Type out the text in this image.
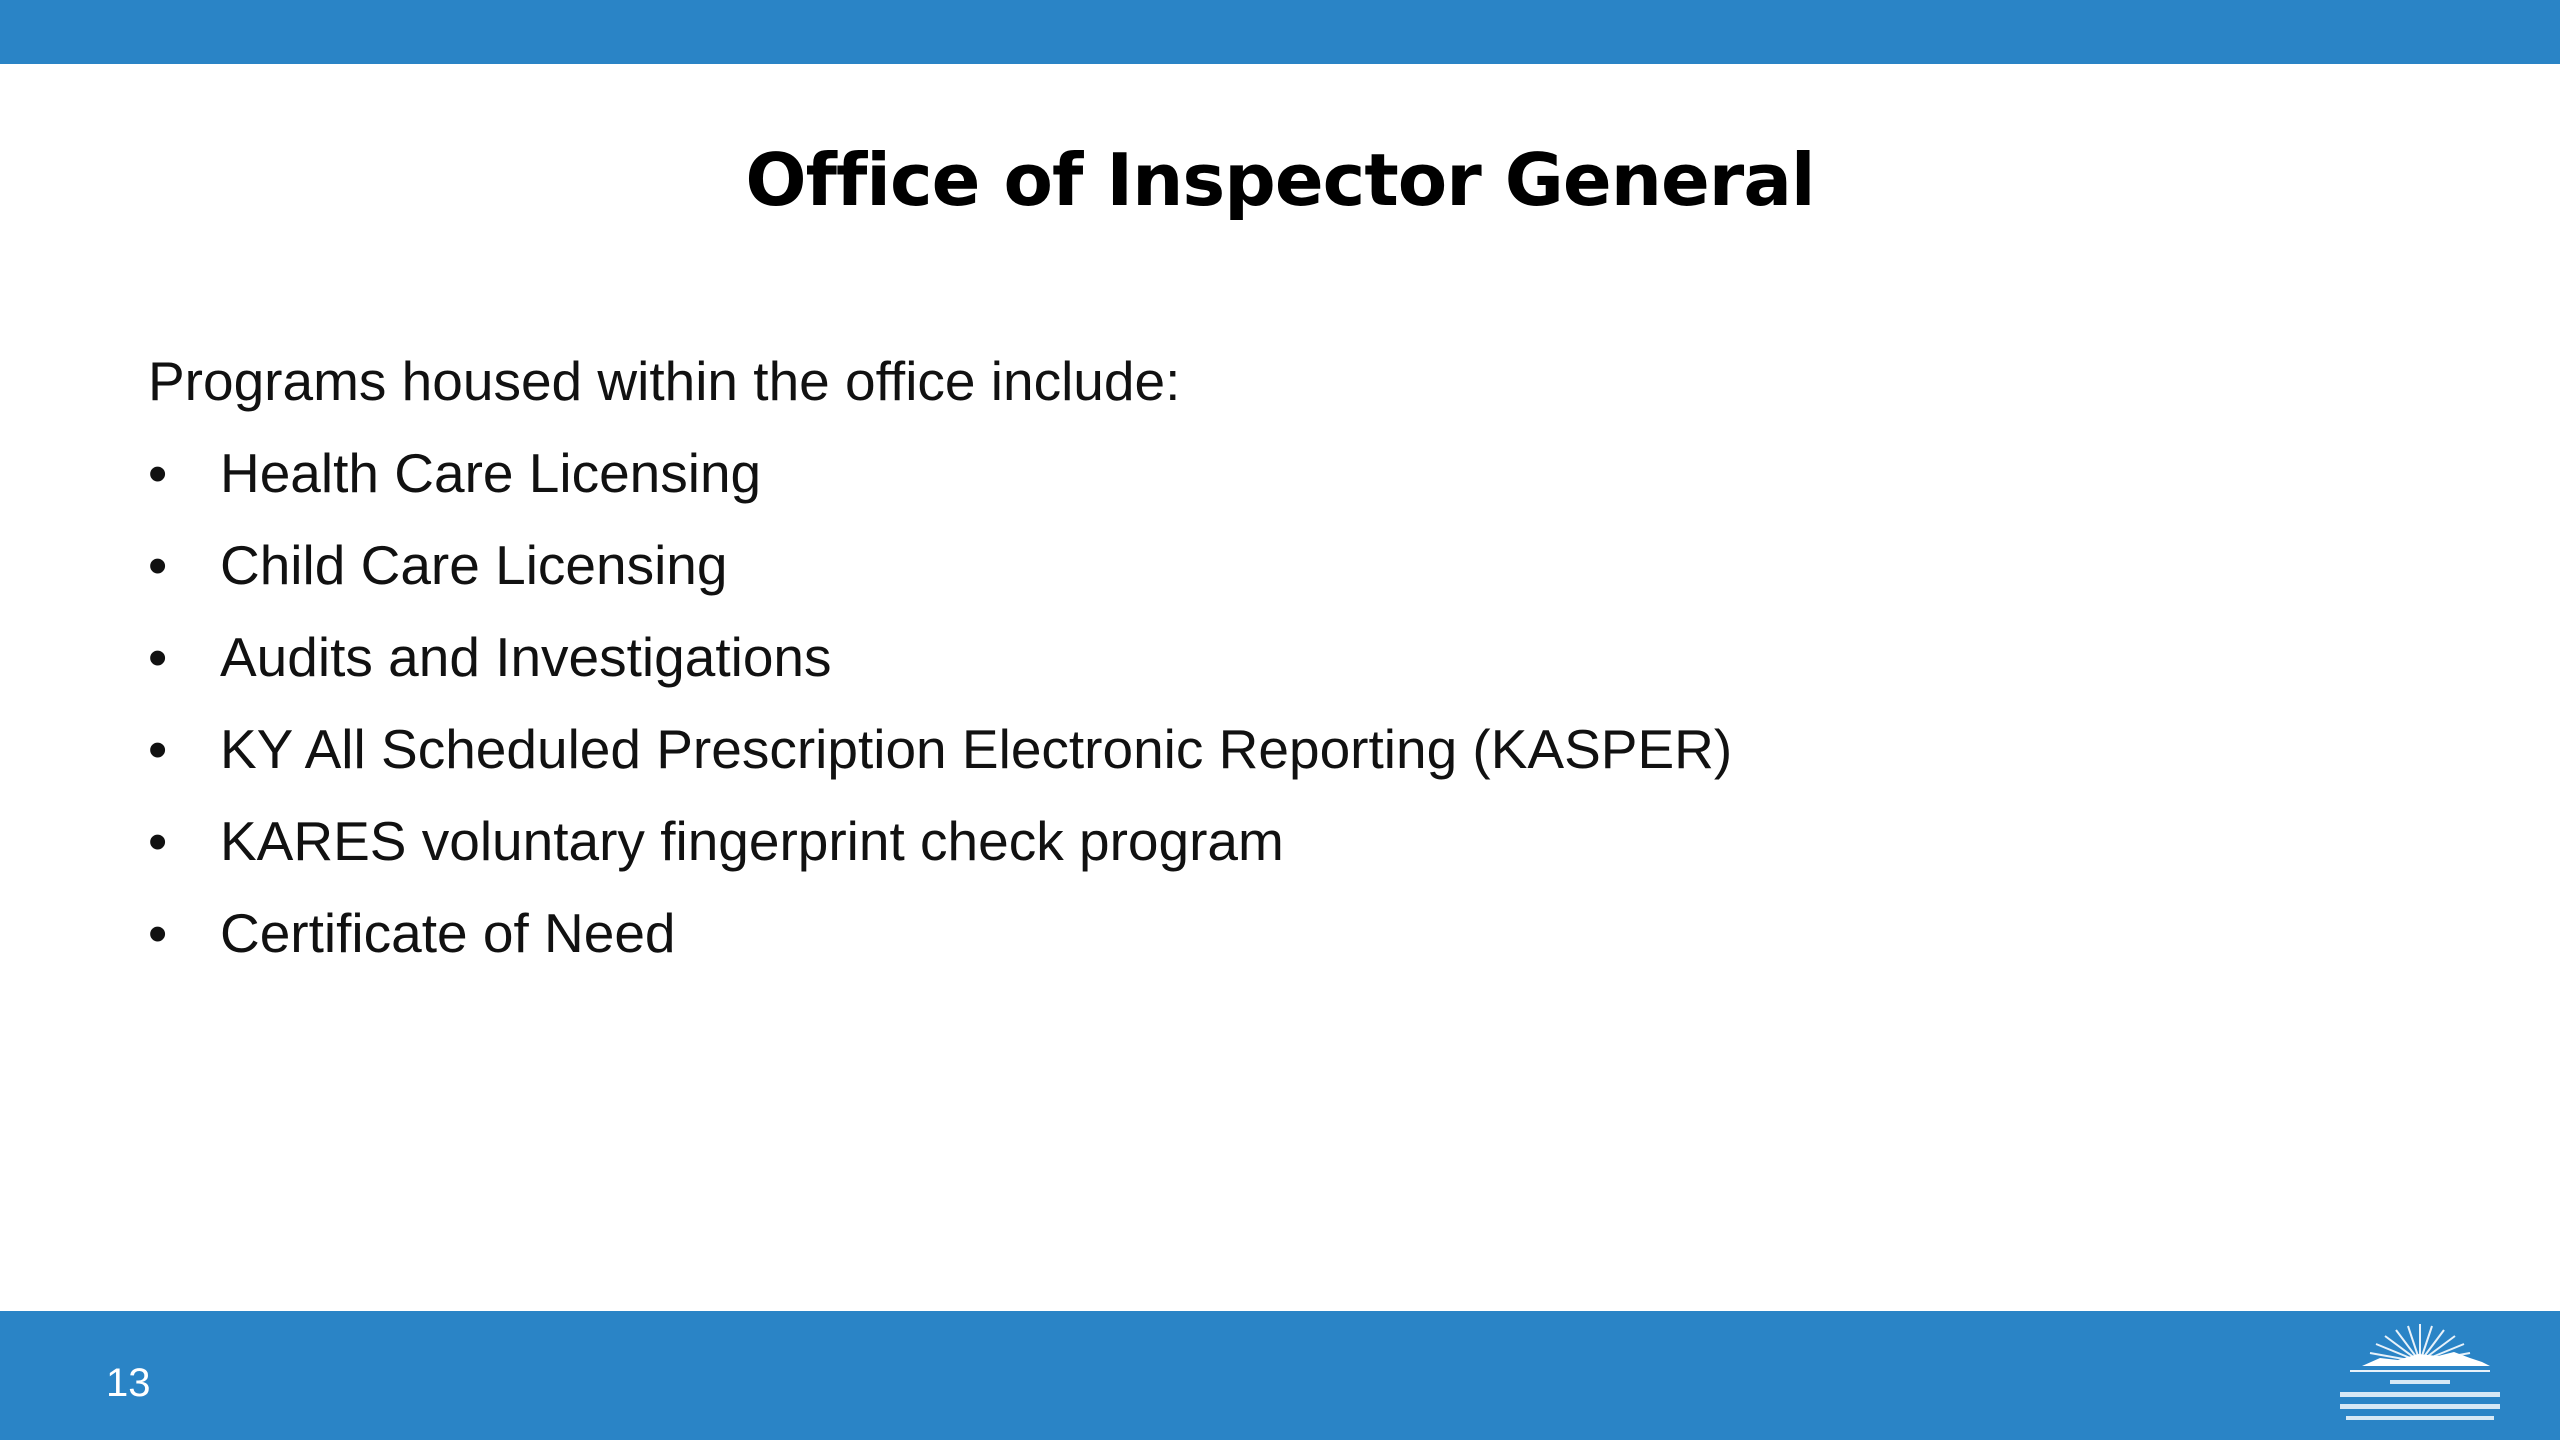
Office of Inspector General
Programs housed within the office include:
• Health Care Licensing
• Child Care Licensing
• Audits and Investigations
• KY All Scheduled Prescription Electronic Reporting (KASPER)
• KARES voluntary fingerprint check program
• Certificate of Need
13
